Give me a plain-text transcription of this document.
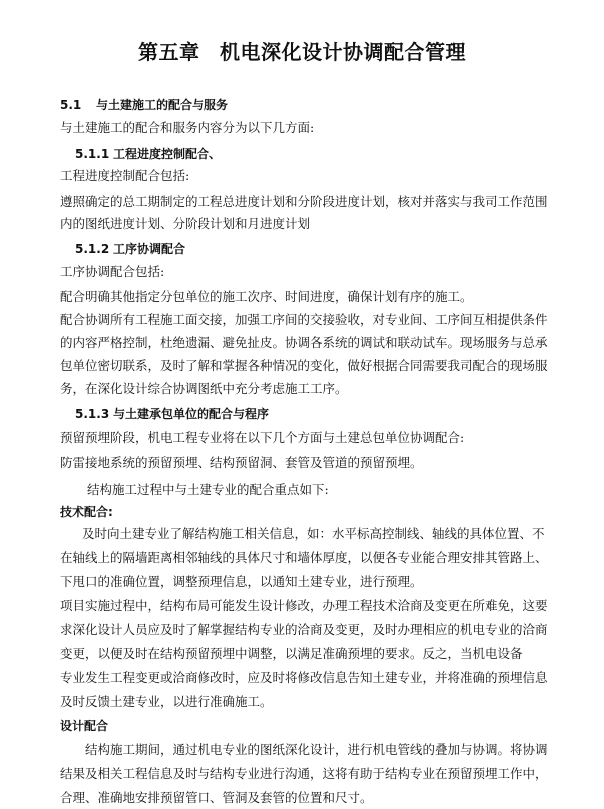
第五章　机电深化设计协调配合管理
5.1 与土建施工的配合与服务
与土建施工的配合和服务内容分为以下几方面:
5.1.1 工程进度控制配合、
工程进度控制配合包括:
遵照确定的总工期制定的工程总进度计划和分阶段进度计划，核对并落实与我司工作范围
内的图纸进度计划、分阶段计划和月进度计划
5.1.2 工序协调配合
工序协调配合包括:
配合明确其他指定分包单位的施工次序、时间进度，确保计划有序的施工。
配合协调所有工程施工面交接，加强工序间的交接验收，对专业间、工序间互相提供条件
的内容严格控制，杜绝遗漏、避免扯皮。协调各系统的调试和联动试车。现场服务与总承
包单位密切联系，及时了解和掌握各种情况的变化，做好根据合同需要我司配合的现场服
务，在深化设计综合协调图纸中充分考虑施工工序。
5.1.3 与土建承包单位的配合与程序
预留预埋阶段，机电工程专业将在以下几个方面与土建总包单位协调配合:
防雷接地系统的预留预埋、结构预留洞、套管及管道的预留预埋。
结构施工过程中与土建专业的配合重点如下:
技术配合:
及时向土建专业了解结构施工相关信息，如：水平标高控制线、轴线的具体位置、不
在轴线上的隔墙距离相邻轴线的具体尺寸和墙体厚度，以便各专业能合理安排其管路上、
下甩口的准确位置，调整预理信息，以通知土建专业，进行预理。
项目实施过程中，结构布局可能发生设计修改，办理工程技术洽商及变更在所难免，这要
求深化设计人员应及时了解掌握结构专业的洽商及变更，及时办理相应的机电专业的洽商
变更，以便及时在结构预留预埋中调整，以满足准确预埋的要求。反之，当机电设备
专业发生工程变更或洽商修改时，应及时将修改信息告知土建专业，并将准确的预埋信息
及时反馈土建专业，以进行准确施工。
设计配合
结构施工期间，通过机电专业的图纸深化设计，进行机电管线的叠加与协调。将协调
结果及相关工程信息及时与结构专业进行沟通，这将有助于结构专业在预留预埋工作中，
合理、准确地安排预留管口、管洞及套管的位置和尺寸。
